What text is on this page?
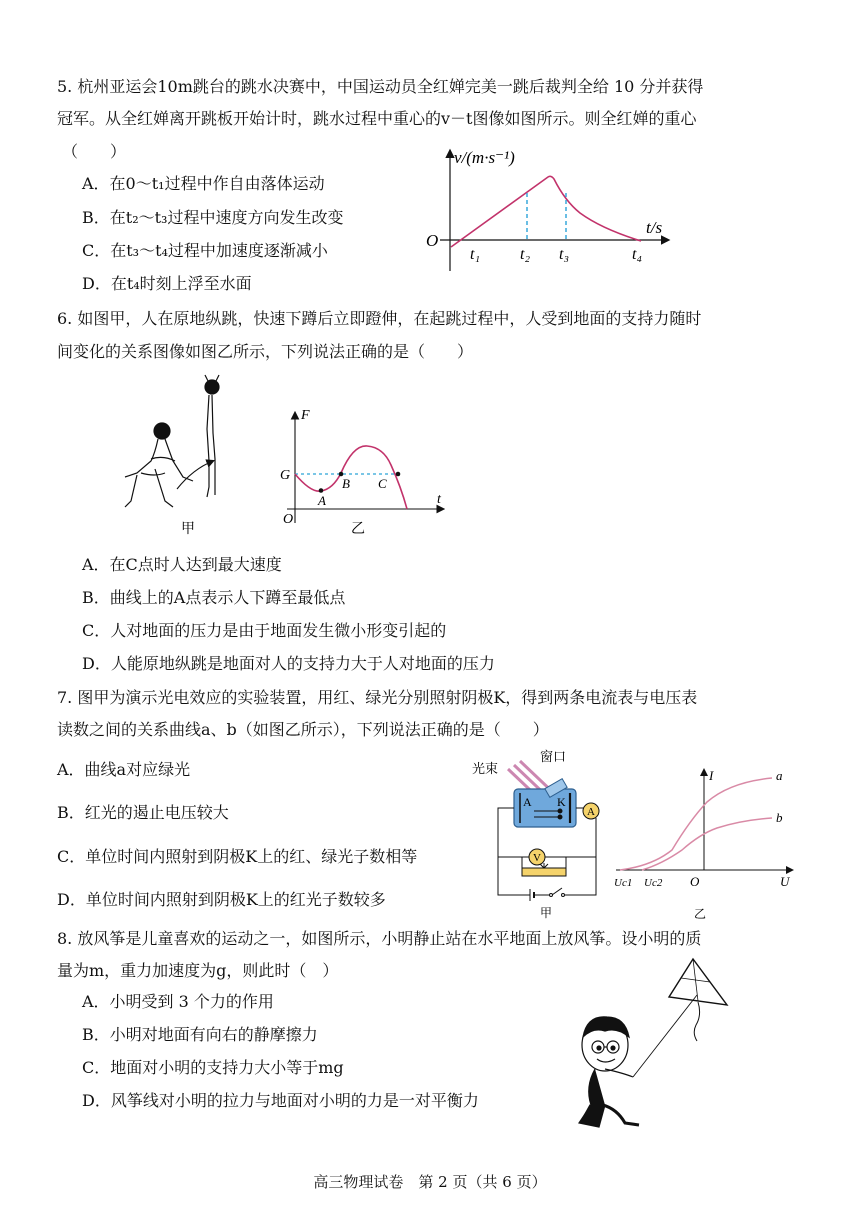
5. 杭州亚运会10m跳台的跳水决赛中，中国运动员全红婵完美一跳后裁判全给 10 分并获得
冠军。从全红婵离开跳板开始计时，跳水过程中重心的v－t图像如图所示。则全红婵的重心
（　　）
A．在0～t₁过程中作自由落体运动
B．在t₂～t₃过程中速度方向发生改变
C．在t₃～t₄过程中加速度逐渐减小
D．在t₄时刻上浮至水面
v/(m·s⁻¹)
t/s
O
t₁ t₂ t₃	t₄
6. 如图甲，人在原地纵跳，快速下蹲后立即蹬伸，在起跳过程中，人受到地面的支持力随时
间变化的关系图像如图乙所示，下列说法正确的是（　　）
甲
F
t
O
G
A
B C
乙
A．在C点时人达到最大速度
B．曲线上的A点表示人下蹲至最低点
C．人对地面的压力是由于地面发生微小形变引起的
D．人能原地纵跳是地面对人的支持力大于人对地面的压力
7. 图甲为演示光电效应的实验装置，用红、绿光分别照射阴极K，得到两条电流表与电压表
读数之间的关系曲线a、b（如图乙所示），下列说法正确的是（　　）
A．曲线a对应绿光
B．红光的遏止电压较大
C．单位时间内照射到阴极K上的红、绿光子数相等
D．单位时间内照射到阴极K上的红光子数较多
光束
窗口
A K
A
V
甲
I
U
O
a
b
Uc1 Uc2
乙
8. 放风筝是儿童喜欢的运动之一，如图所示，小明静止站在水平地面上放风筝。设小明的质
量为m，重力加速度为g，则此时（　）
A．小明受到 3 个力的作用
B．小明对地面有向右的静摩擦力
C．地面对小明的支持力大小等于mg
D．风筝线对小明的拉力与地面对小明的力是一对平衡力
高三物理试卷　第 2 页（共 6 页）
